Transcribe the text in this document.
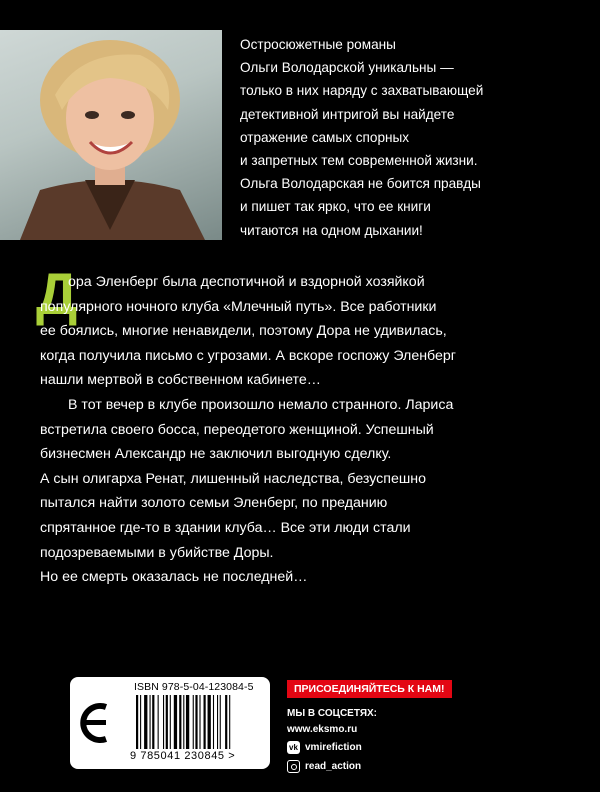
Остросюжетные романы
Ольги Володарской уникальны —
только в них наряду с захватывающей
детективной интригой вы найдете
отражение самых спорных
и запретных тем современной жизни.
Ольга Володарская не боится правды
и пишет так ярко, что ее книги
читаются на одном дыхании!
Д
ора Эленберг была деспотичной и вздорной хозяйкой
популярного ночного клуба «Млечный путь». Все работники
ее боялись, многие ненавидели, поэтому Дора не удивилась,
когда получила письмо с угрозами. А вскоре госпожу Эленберг
нашли мертвой в собственном кабинете…
В тот вечер в клубе произошло немало странного. Лариса
встретила своего босса, переодетого женщиной. Успешный
бизнесмен Александр не заключил выгодную сделку.
А сын олигарха Ренат, лишенный наследства, безуспешно
пытался найти золото семьи Эленберг, по преданию
спрятанное где-то в здании клуба… Все эти люди стали
подозреваемыми в убийстве Доры.
Но ее смерть оказалась не последней…
ISBN 978-5-04-123084-5
9 785041 230845 >
ПРИСОЕДИНЯЙТЕСЬ К НАМ!
МЫ В СОЦСЕТЯХ:
www.eksmo.ru
vk vmirefiction
read_action
